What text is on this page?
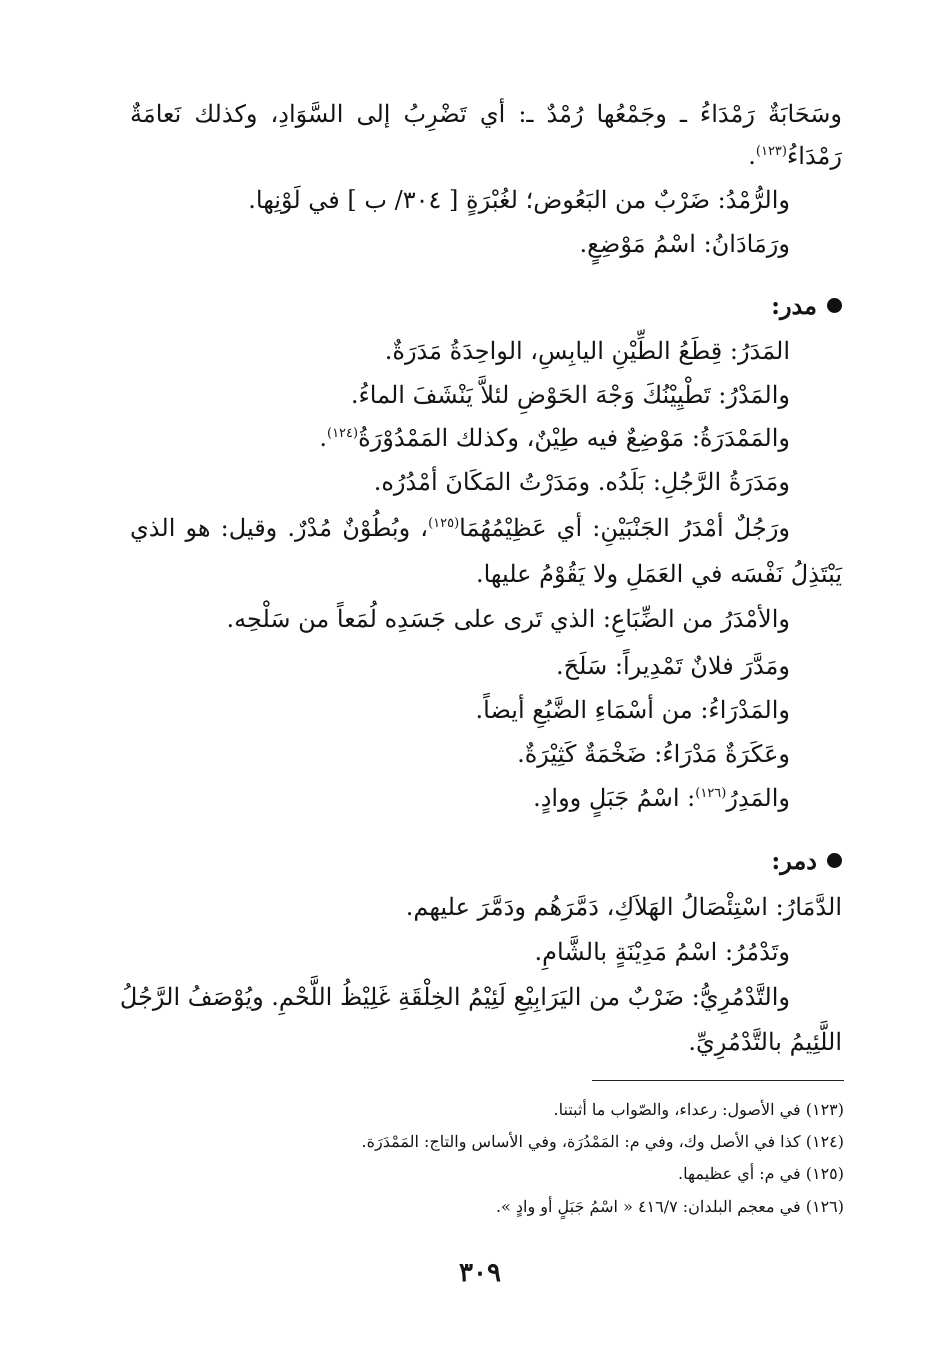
وسَحَابَةٌ رَمْدَاءُ ـ وجَمْعُها رُمْدٌ ـ: أي تَضْرِبُ إلى السَّوَادِ، وكذلك نَعامَةٌ
رَمْدَاءُ$^{(١٢٣)}$.
والرُّمْدُ: ضَرْبٌ من البَعُوض؛ لغُبْرَةٍ [ ٣٠٤/ ب ] في لَوْنِها.
ورَمَادَانُ: اسْمُ مَوْضِعٍ.
مدر:
المَدَرُ: قِطَعُ الطِّيْنِ اليابِسِ، الواحِدَةُ مَدَرَةٌ.
والمَدْرُ: تَطْيِيْنُكَ وَجْهَ الحَوْضِ لئلاَّ يَنْشَفَ الماءُ.
والمَمْدَرَةُ: مَوْضِعٌ فيه طِيْنٌ، وكذلك المَمْدُوْرَةُ$^{(١٢٤)}$.
ومَدَرَةُ الرَّجُلِ: بَلَدُه. ومَدَرْتُ المَكَانَ أمْدُرُه.
ورَجُلٌ أمْدَرُ الجَنْبَيْنِ: أي عَظِيْمُهُمَا$^{(١٢٥)}$، وبُطُوْنٌ مُدْرٌ. وقيل: هو الذي
يَبْتَذِلُ نَفْسَه في العَمَلِ ولا يَقُوْمُ عليها.
والأمْدَرُ من الضِّبَاعِ: الذي تَرى على جَسَدِه لُمَعاً من سَلْحِه.
ومَدَّرَ فلانٌ تَمْدِيراً: سَلَحَ.
والمَدْرَاءُ: من أسْمَاءِ الضَّبُعِ أيضاً.
وعَكَرَةٌ مَدْرَاءُ: ضَخْمَةٌ كَثِيْرَةٌ.
والمَدِرُ$^{(١٢٦)}$: اسْمُ جَبَلٍ ووادٍ.
دمر:
الدَّمَارُ: اسْتِئْصَالُ الهَلاَكِ، دَمَّرَهُم ودَمَّرَ عليهم.
وتَدْمُرُ: اسْمُ مَدِيْنَةٍ بالشَّامِ.
والتَّدْمُرِيُّ: ضَرْبٌ من اليَرَابِيْعِ لَئِيْمُ الخِلْقَةِ غَلِيْظُ اللَّحْمِ. ويُوْصَفُ الرَّجُلُ
اللَّئِيمُ بالتَّدْمُرِيِّ.
(١٢٣) في الأصول: رعداء، والصّواب ما أثبتنا.
(١٢٤) كذا في الأصل وك، وفي م: المَمْدُرَة، وفي الأساس والتاج: المَمْدَرَة.
(١٢٥) في م: أي عظيمها.
(١٢٦) في معجم البلدان: ٤١٦/٧ « اسْمُ جَبَلٍ أو وادٍ ».
٣٠٩
